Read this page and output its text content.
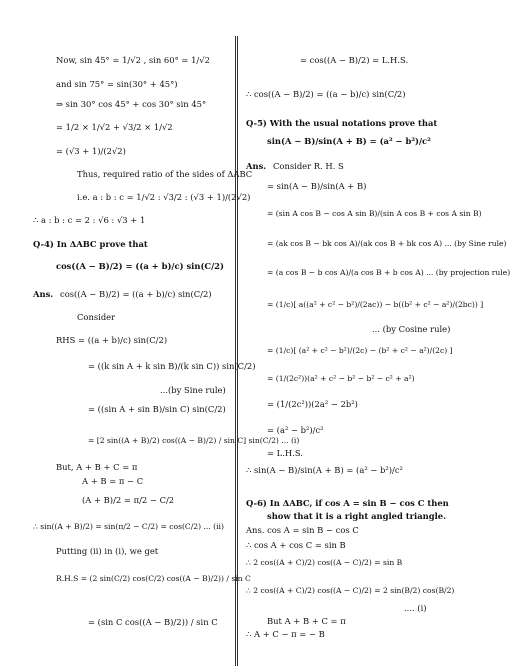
Now, sin 45° = 1/√2 , sin 60° = 1/√2
and sin 75° = sin(30° + 45°)
⇒ sin 30° cos 45° + cos 30° sin 45°
= 1/2 × 1/√2 + √3/2 × 1/√2
= (√3 + 1)/(2√2)
Thus, required ratio of the sides of ΔABC
i.e. a : b : c = 1/√2 : √3/2 : (√3 + 1)/(2√2)
∴ a : b : c = 2 : √6 : √3 + 1
Q-4) In ΔABC prove that
cos((A − B)/2) = ((a + b)/c) sin(C/2)
Ans. cos((A − B)/2) = ((a + b)/c) sin(C/2)
Consider
RHS = ((a + b)/c) sin(C/2)
= ((k sin A + k sin B)/(k sin C)) sin(C/2)
...(by Sine rule)
= ((sin A + sin B)/sin C) sin(C/2)
= [2 sin((A + B)/2) cos((A − B)/2) / sin C] sin(C/2) ... (i)
But, A + B + C = π
A + B = π − C
(A + B)/2 = π/2 − C/2
∴ sin((A + B)/2) = sin(π/2 − C/2) = cos(C/2) ... (ii)
Putting (ii) in (i), we get
R.H.S = (2 sin(C/2) cos(C/2) cos((A − B)/2)) / sin C
= (sin C cos((A − B)/2)) / sin C
= cos((A − B)/2) = L.H.S.
∴ cos((A − B)/2) = ((a − b)/c) sin(C/2)
Q-5) With the usual notations prove that
sin(A − B)/sin(A + B) = (a² − b²)/c²
Ans. Consider R. H. S
= sin(A − B)/sin(A + B)
= (sin A cos B − cos A sin B)/(sin A cos B + cos A sin B)
= (ak cos B − bk cos A)/(ak cos B + bk cos A) ... (by Sine rule)
= (a cos B − b cos A)/(a cos B + b cos A) ... (by projection rule)
= (1/c)[ a((a² + c² − b²)/(2ac)) − b((b² + c² − a²)/(2bc)) ]
... (by Cosine rule)
= (1/c)[ (a² + c² − b²)/(2c) − (b² + c² − a²)/(2c) ]
= (1/(2c²))(a² + c² − b² − b² − c² + a²)
= (1/(2c²))(2a² − 2b²)
= (a² − b²)/c²
= L.H.S.
∴ sin(A − B)/sin(A + B) = (a² − b²)/c²
Q-6) In ΔABC, if cos A = sin B − cos C then
show that it is a right angled triangle.
Ans. cos A = sin B − cos C
∴ cos A + cos C = sin B
∴ 2 cos((A + C)/2) cos((A − C)/2) = sin B
∴ 2 cos((A + C)/2) cos((A − C)/2) = 2 sin(B/2) cos(B/2)
.... (i)
But A + B + C = π
∴ A + C − π = − B
